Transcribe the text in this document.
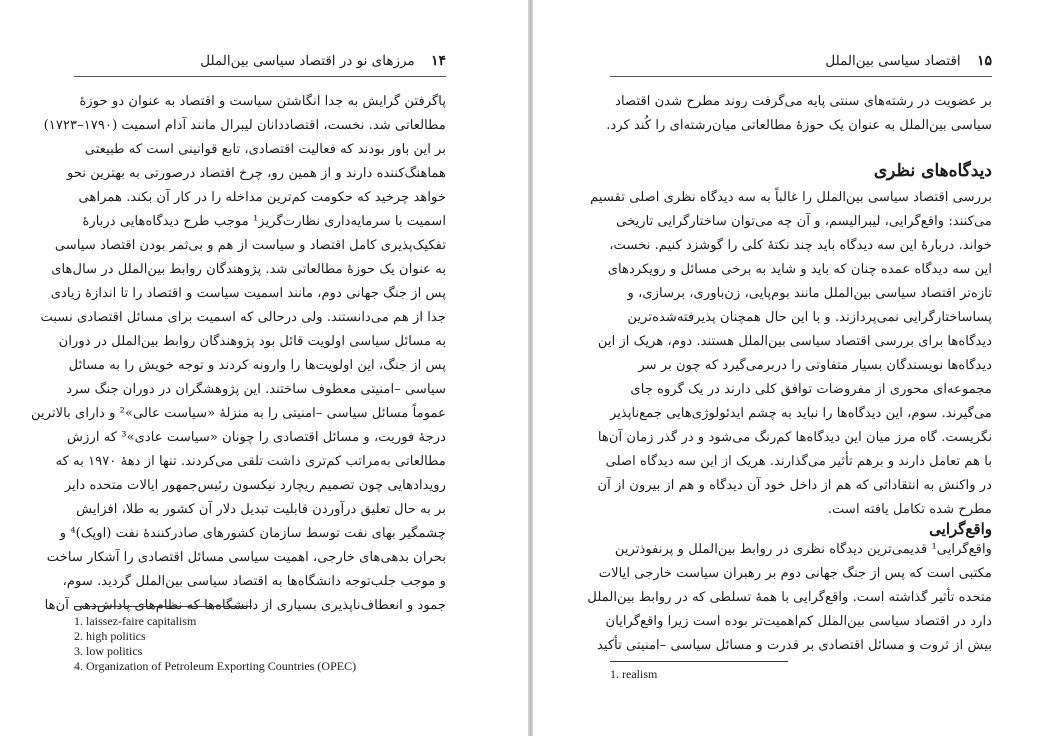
۱۴ مرزهای نو در اقتصاد سیاسی بین‌الملل
پاگرفتن گرایش به جدا انگاشتن سیاست و اقتصاد به عنوان دو حوزهٔ
مطالعاتی شد. نخست، اقتصاددانان لیبرال مانند آدام اسمیت (۱۷۹۰–۱۷۲۳)
بر این باور بودند که فعالیت اقتصادی، تابع قوانینی است که طبیعتی
هماهنگ‌کننده دارند و از همین رو، چرخ اقتصاد درصورتی به بهترین نحو
خواهد چرخید که حکومت کم‌ترین مداخله را در کار آن بکند. همراهی
اسمیت با سرمایه‌داری نظارت‌گریز¹ موجب طرح دیدگاه‌هایی دربارهٔ
تفکیک‌پذیری کامل اقتصاد و سیاست از هم و بی‌ثمر بودن اقتصاد سیاسی
به عنوان یک حوزهٔ مطالعاتی شد. پژوهندگان روابط بین‌الملل در سال‌های
پس از جنگ جهانی دوم، مانند اسمیت سیاست و اقتصاد را تا اندازهٔ زیادی
جدا از هم می‌دانستند. ولی درحالی که اسمیت برای مسائل اقتصادی نسبت
به مسائل سیاسی اولویت قائل بود پژوهندگان روابط بین‌الملل در دوران
پس از جنگ، این اولویت‌ها را وارونه کردند و توجه خویش را به مسائل
سیاسی –امنیتی معطوف ساختند. این پژوهشگران در دوران جنگ سرد
عموماً مسائل سیاسی –امنیتی را به منزلهٔ «سیاست عالی»² و دارای بالاترین
درجهٔ فوریت، و مسائل اقتصادی را چونان «سیاست عادی»³ که ارزش
مطالعاتی به‌مراتب کم‌تری داشت تلقی می‌کردند. تنها از دههٔ ۱۹۷۰ به که
رویدادهایی چون تصمیم ریچارد نیکسون رئیس‌جمهور ایالات متحده دایر
بر به حال تعلیق درآوردن قابلیت تبدیل دلار آن کشور به طلا، افزایش
چشمگیر بهای نفت توسط سازمان کشورهای صادرکنندهٔ نفت (اوپک)⁴ و
بحران بدهی‌های خارجی، اهمیت سیاسی مسائل اقتصادی را آشکار ساخت
و موجب جلب‌توجه دانشگاه‌ها به اقتصاد سیاسی بین‌الملل گردید. سوم،
جمود و انعطاف‌ناپذیری بسیاری از دانشگاه‌ها که نظام‌های پاداش‌دهی آن‌ها
1. laissez-faire capitalism
2. high politics
3. low politics
4. Organization of Petroleum Exporting Countries (OPEC)
۱۵ اقتصاد سیاسی بین‌الملل
بر عضویت در رشته‌های سنتی پایه می‌گرفت روند مطرح شدن اقتصاد
سیاسی بین‌الملل به عنوان یک حوزهٔ مطالعاتی میان‌رشته‌ای را کُند کرد.
دیدگاه‌های نظری
بررسی اقتصاد سیاسی بین‌الملل را غالباً به سه دیدگاه نظری اصلی تقسیم
می‌کنند: واقع‌گرایی، لیبرالیسم، و آن چه می‌توان ساختارگرایی تاریخی
خواند. دربارهٔ این سه دیدگاه باید چند نکتهٔ کلی را گوشزد کنیم. نخست،
این سه دیدگاه عمده چنان که باید و شاید به برخی مسائل و رویکردهای
تازه‌تر اقتصاد سیاسی بین‌الملل مانند بوم‌پایی، زن‌باوری، برسازی، و
پساساختارگرایی نمی‌پردازند. و با این حال همچنان پذیرفته‌شده‌ترین
دیدگاه‌ها برای بررسی اقتصاد سیاسی بین‌الملل هستند. دوم، هریک از این
دیدگاه‌ها نویسندگان بسیار متفاوتی را دربرمی‌گیرد که چون بر سر
مجموعه‌ای محوری از مفروضات توافق کلی دارند در یک گروه جای
می‌گیرند. سوم، این دیدگاه‌ها را نباید به چشم ایدئولوژی‌هایی جمع‌ناپذیر
نگریست. گاه مرز میان این دیدگاه‌ها کم‌رنگ می‌شود و در گذر زمان آن‌ها
با هم تعامل دارند و برهم تأثیر می‌گذارند. هریک از این سه دیدگاه اصلی
در واکنش به انتقاداتی که هم از داخل خود آن دیدگاه و هم از بیرون از آن
مطرح شده تکامل یافته است.
واقع‌گرایی
واقع‌گرایی¹ قدیمی‌ترین دیدگاه نظری در روابط بین‌الملل و پرنفوذترین
مکتبی است که پس از جنگ جهانی دوم بر رهبران سیاست خارجی ایالات
متحده تأثیر گذاشته است. واقع‌گرایی با همهٔ تسلطی که در روابط بین‌الملل
دارد در اقتصاد سیاسی بین‌الملل کم‌اهمیت‌تر بوده است زیرا واقع‌گرایان
بیش از ثروت و مسائل اقتصادی بر قدرت و مسائل سیاسی –امنیتی تأکید
1. realism
